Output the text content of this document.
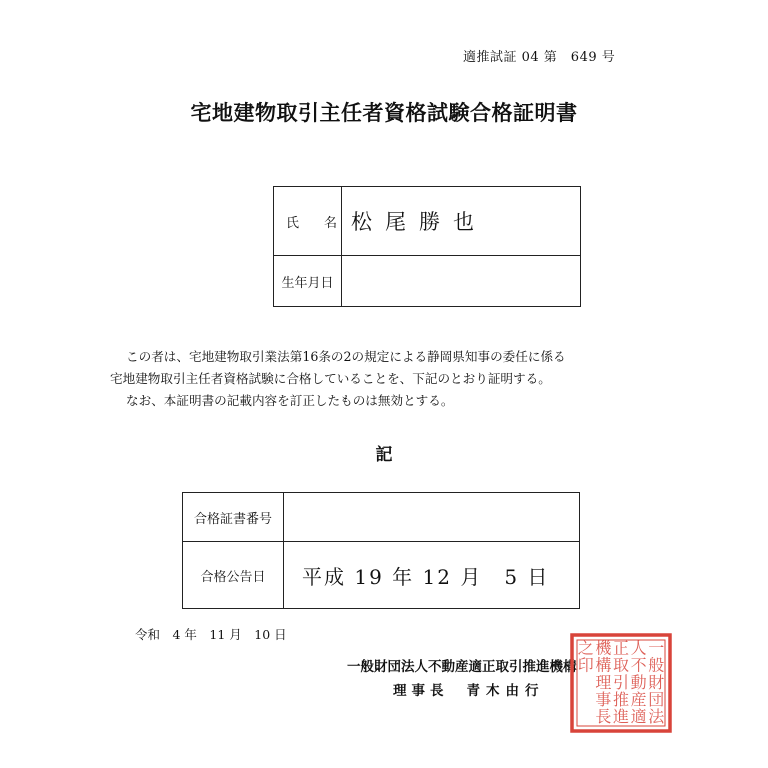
適推試証 04 第　649 号
宅地建物取引主任者資格試験合格証明書
氏 名	松尾勝也
生年月日	

この者は、宅地建物取引業法第16条の2の規定による静岡県知事の委任に係る

宅地建物取引主任者資格試験に合格していることを、下記のとおり証明する。

なお、本証明書の記載内容を訂正したものは無効とする。

記
合格証書番号	
合格公告日	平成 19 年 12 月　5 日
令和　4 年　11 月　10 日
一般財団法人不動産適正取引推進機構
理事長 青木由行
一
般
財
団
法
人
不
動
産
適
正
取
引
推
進
機
構
理
事
長
之
印
